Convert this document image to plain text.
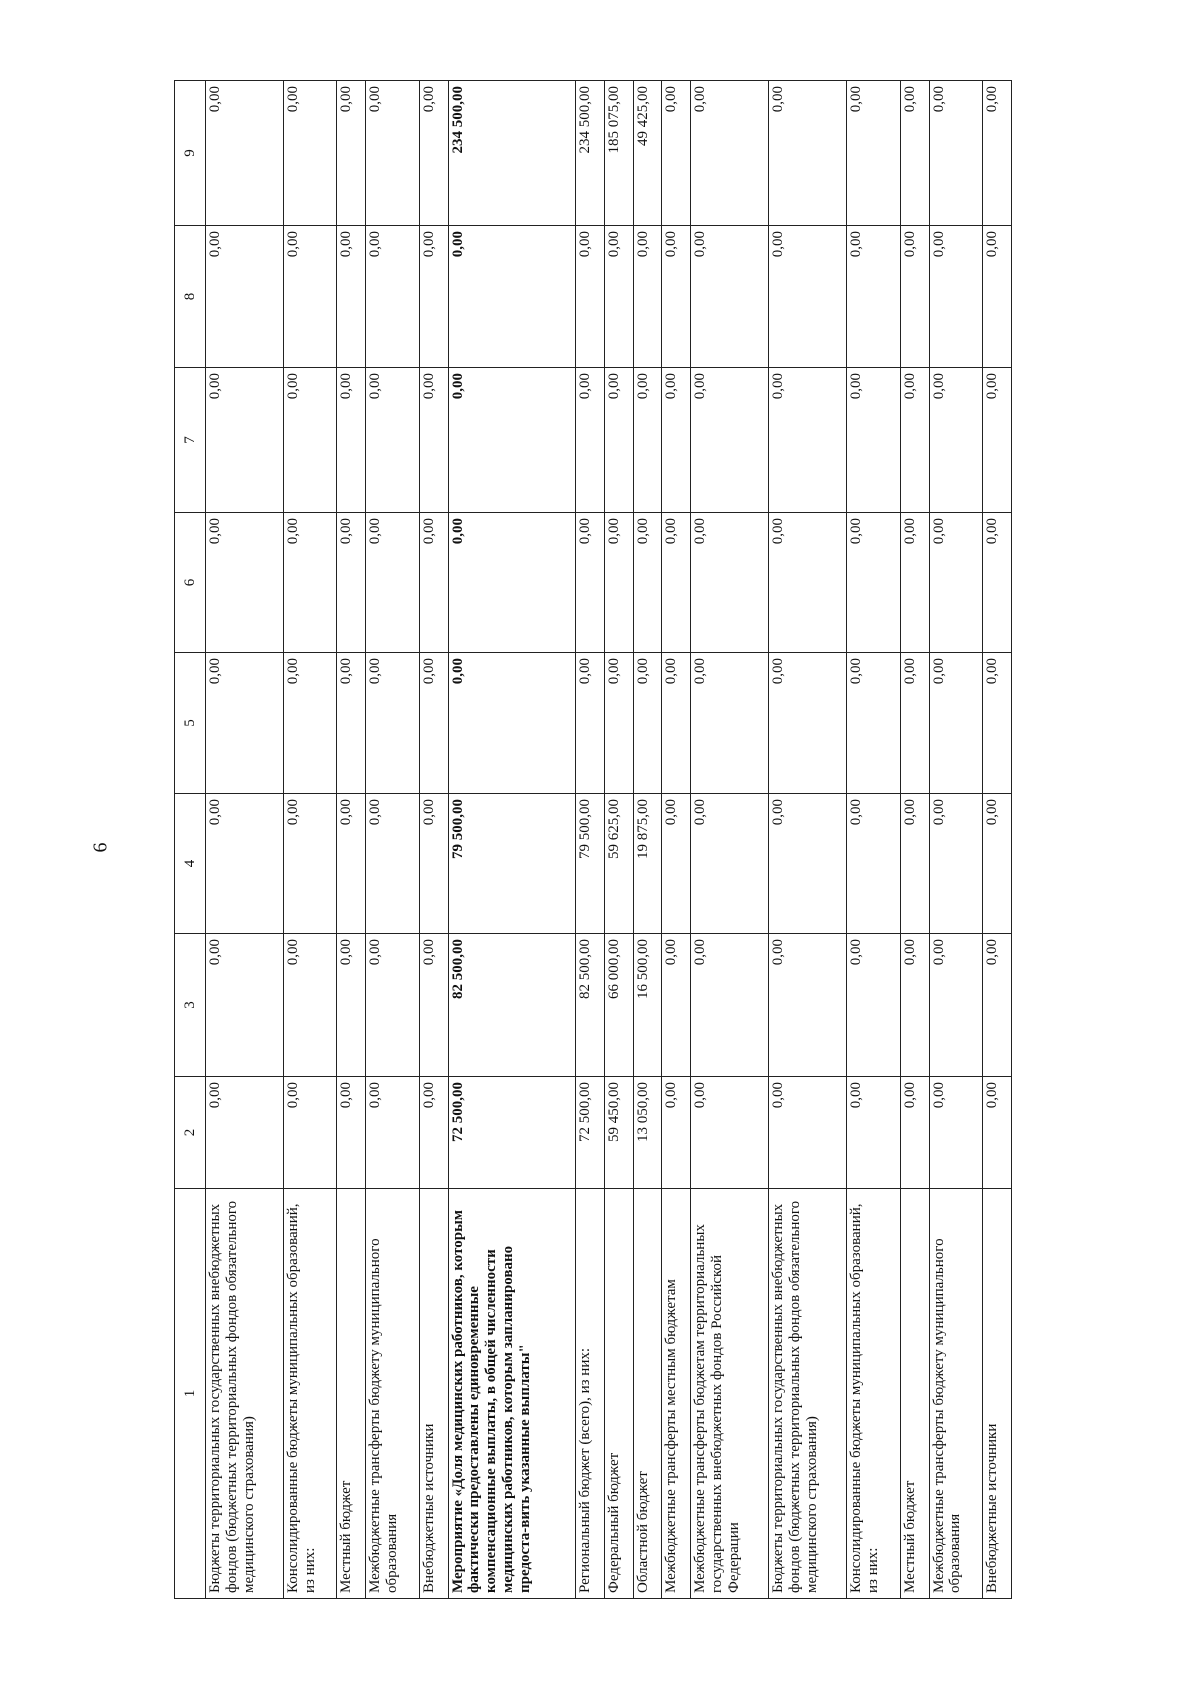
6
1	2	3	4	5	6	7	8	9
Бюджеты территориальных государственных внебюджетных фондов (бюджетных территориальных фондов обязательного медицинского страхования)	0,00	0,00	0,00	0,00	0,00	0,00	0,00	0,00
Консолидированные бюджеты муниципальных образований, из них:	0,00	0,00	0,00	0,00	0,00	0,00	0,00	0,00
Местный бюджет	0,00	0,00	0,00	0,00	0,00	0,00	0,00	0,00
Межбюджетные трансферты бюджету муниципального образования	0,00	0,00	0,00	0,00	0,00	0,00	0,00	0,00
Внебюджетные источники	0,00	0,00	0,00	0,00	0,00	0,00	0,00	0,00
Мероприятие «Доля медицинских работников, которым фактически предоставлены единовременные компенсационные выплаты, в общей численности медицинских работников, которым запланировано предоста-вить указанные выплаты"	72 500,00	82 500,00	79 500,00	0,00	0,00	0,00	0,00	234 500,00
Региональный бюджет (всего), из них:	72 500,00	82 500,00	79 500,00	0,00	0,00	0,00	0,00	234 500,00
Федеральный бюджет	59 450,00	66 000,00	59 625,00	0,00	0,00	0,00	0,00	185 075,00
Областной бюджет	13 050,00	16 500,00	19 875,00	0,00	0,00	0,00	0,00	49 425,00
Межбюджетные трансферты местным бюджетам	0,00	0,00	0,00	0,00	0,00	0,00	0,00	0,00
Межбюджетные трансферты бюджетам территориальных государственных внебюджетных фондов Российской Федерации	0,00	0,00	0,00	0,00	0,00	0,00	0,00	0,00
Бюджеты территориальных государственных внебюджетных фондов (бюджетных территориальных фондов обязательного медицинского страхования)	0,00	0,00	0,00	0,00	0,00	0,00	0,00	0,00
Консолидированные бюджеты муниципальных образований, из них:	0,00	0,00	0,00	0,00	0,00	0,00	0,00	0,00
Местный бюджет	0,00	0,00	0,00	0,00	0,00	0,00	0,00	0,00
Межбюджетные трансферты бюджету муниципального образования	0,00	0,00	0,00	0,00	0,00	0,00	0,00	0,00
Внебюджетные источники	0,00	0,00	0,00	0,00	0,00	0,00	0,00	0,00
